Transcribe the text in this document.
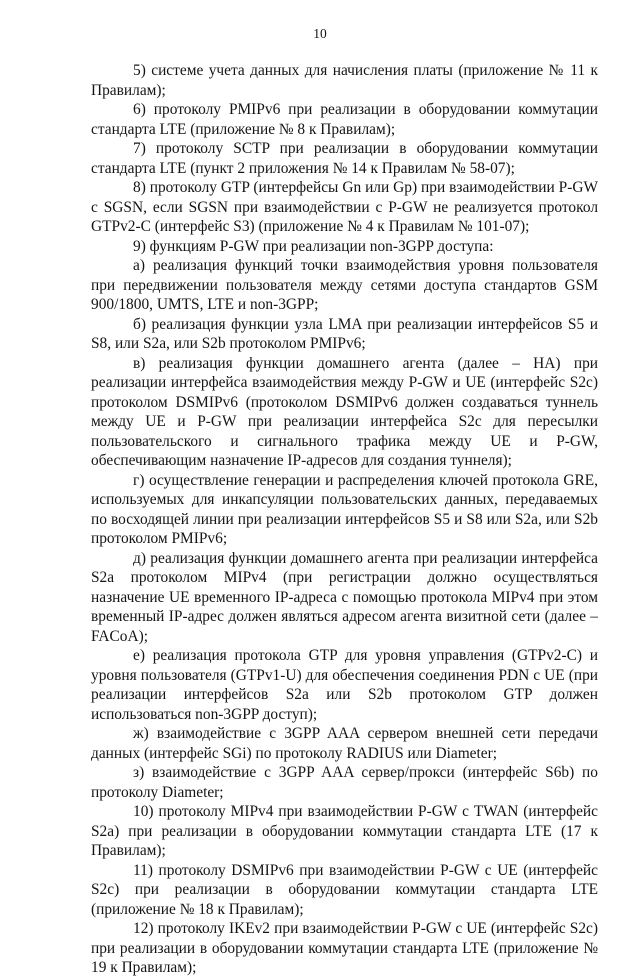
10

5) системе учета данных для начисления платы (приложение № 11 к Правилам);

6) протоколу PMIPv6 при реализации в оборудовании коммутации стандарта LTE (приложение № 8 к Правилам);

7) протоколу SCTP при реализации в оборудовании коммутации стандарта LTE (пункт 2 приложения № 14 к Правилам № 58-07);

8) протоколу GTP (интерфейсы Gn или Gp) при взаимодействии P-GW с SGSN, если SGSN при взаимодействии с P-GW не реализуется протокол GTPv2-C (интерфейс S3) (приложение № 4 к Правилам № 101-07);

9) функциям P-GW при реализации non-3GPP доступа:

а) реализация функций точки взаимодействия уровня пользователя при передвижении пользователя между сетями доступа стандартов GSM 900/1800, UMTS, LTE и non-3GPP;

б) реализация функции узла LMA при реализации интерфейсов S5 и S8, или S2a, или S2b протоколом PMIPv6;

в) реализация функции домашнего агента (далее – HA) при реализации интерфейса взаимодействия между P-GW и UE (интерфейс S2c) протоколом DSMIPv6 (протоколом DSMIPv6 должен создаваться туннель между UE и P-GW при реализации интерфейса S2c для пересылки пользовательского и сигнального трафика между UE и P-GW, обеспечивающим назначение IP-адресов для создания туннеля);

г) осуществление генерации и распределения ключей протокола GRE, используемых для инкапсуляции пользовательских данных, передаваемых по восходящей линии при реализации интерфейсов S5 и S8 или S2a, или S2b протоколом PMIPv6;

д) реализация функции домашнего агента при реализации интерфейса S2a протоколом MIPv4 (при регистрации должно осуществляться назначение UE временного IP-адреса с помощью протокола MIPv4 при этом временный IP-адрес должен являться адресом агента визитной сети (далее – FACoA);

е) реализация протокола GTP для уровня управления (GTPv2-C) и уровня пользователя (GTPv1-U) для обеспечения соединения PDN с UE (при реализации интерфейсов S2a или S2b протоколом GTP должен использоваться non-3GPP доступ);

ж) взаимодействие с 3GPP AAA сервером внешней сети передачи данных (интерфейс SGi) по протоколу RADIUS или Diameter;

з) взаимодействие с 3GPP AAA сервер/прокси (интерфейс S6b) по протоколу Diameter;

10) протоколу MIPv4 при взаимодействии P-GW с TWAN (интерфейс S2a) при реализации в оборудовании коммутации стандарта LTE (17 к Правилам);

11) протоколу DSMIPv6 при взаимодействии P-GW с UE (интерфейс S2c) при реализации в оборудовании коммутации стандарта LTE (приложение № 18 к Правилам);

12) протоколу IKEv2 при взаимодействии P-GW с UE (интерфейс S2c) при реализации в оборудовании коммутации стандарта LTE (приложение № 19 к Правилам);
